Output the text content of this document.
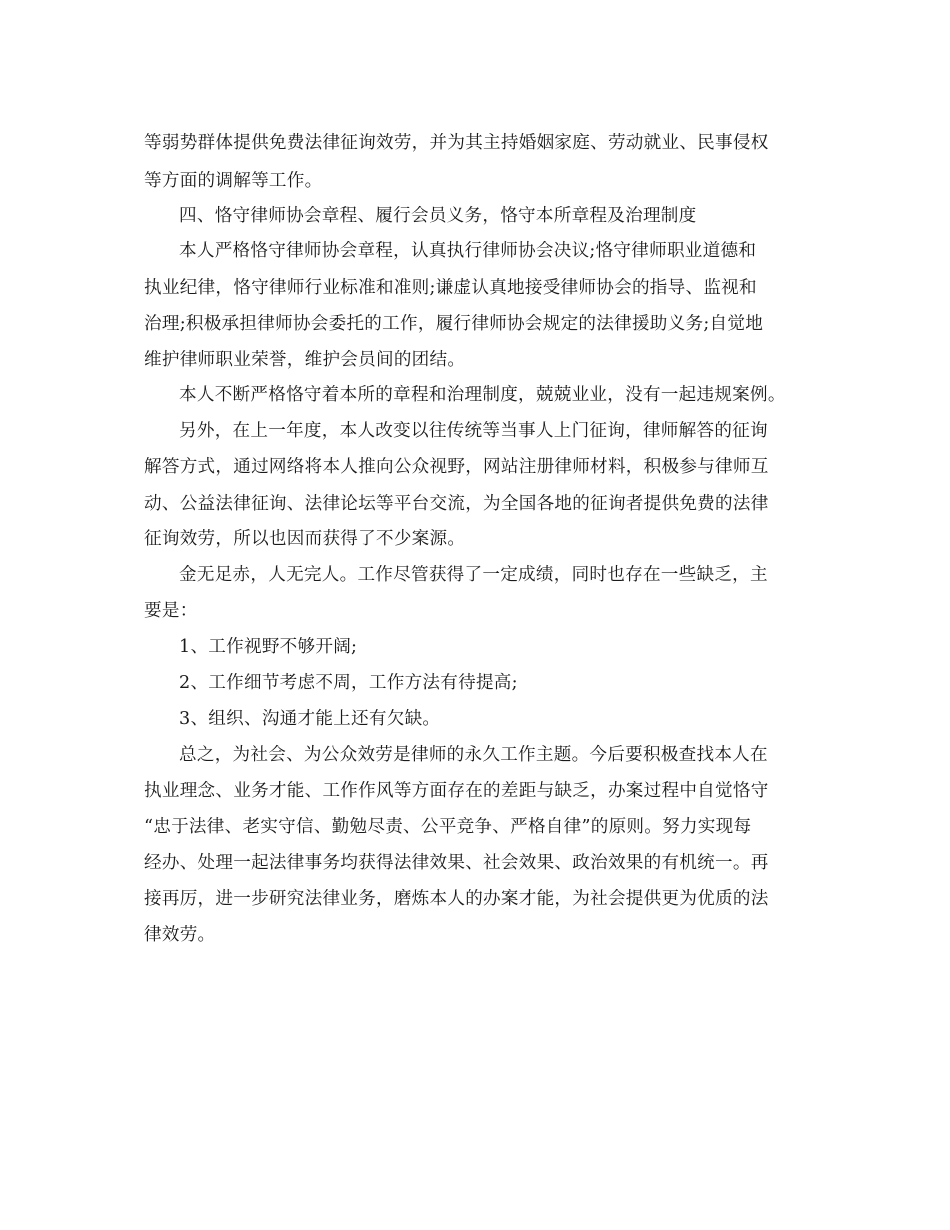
等弱势群体提供免费法律征询效劳，并为其主持婚姻家庭、劳动就业、民事侵权

等方面的调解等工作。

四、恪守律师协会章程、履行会员义务，恪守本所章程及治理制度

本人严格恪守律师协会章程，认真执行律师协会决议;恪守律师职业道德和

执业纪律，恪守律师行业标准和准则;谦虚认真地接受律师协会的指导、监视和

治理;积极承担律师协会委托的工作，履行律师协会规定的法律援助义务;自觉地

维护律师职业荣誉，维护会员间的团结。

本人不断严格恪守着本所的章程和治理制度，兢兢业业，没有一起违规案例。

另外，在上一年度，本人改变以往传统等当事人上门征询，律师解答的征询

解答方式，通过网络将本人推向公众视野，网站注册律师材料，积极参与律师互

动、公益法律征询、法律论坛等平台交流，为全国各地的征询者提供免费的法律

征询效劳，所以也因而获得了不少案源。

金无足赤，人无完人。工作尽管获得了一定成绩，同时也存在一些缺乏，主

要是：

1、工作视野不够开阔;

2、工作细节考虑不周，工作方法有待提高;

3、组织、沟通才能上还有欠缺。

总之，为社会、为公众效劳是律师的永久工作主题。今后要积极查找本人在

执业理念、业务才能、工作作风等方面存在的差距与缺乏，办案过程中自觉恪守

“忠于法律、老实守信、勤勉尽责、公平竞争、严格自律”的原则。努力实现每

经办、处理一起法律事务均获得法律效果、社会效果、政治效果的有机统一。再

接再厉，进一步研究法律业务，磨炼本人的办案才能，为社会提供更为优质的法

律效劳。
